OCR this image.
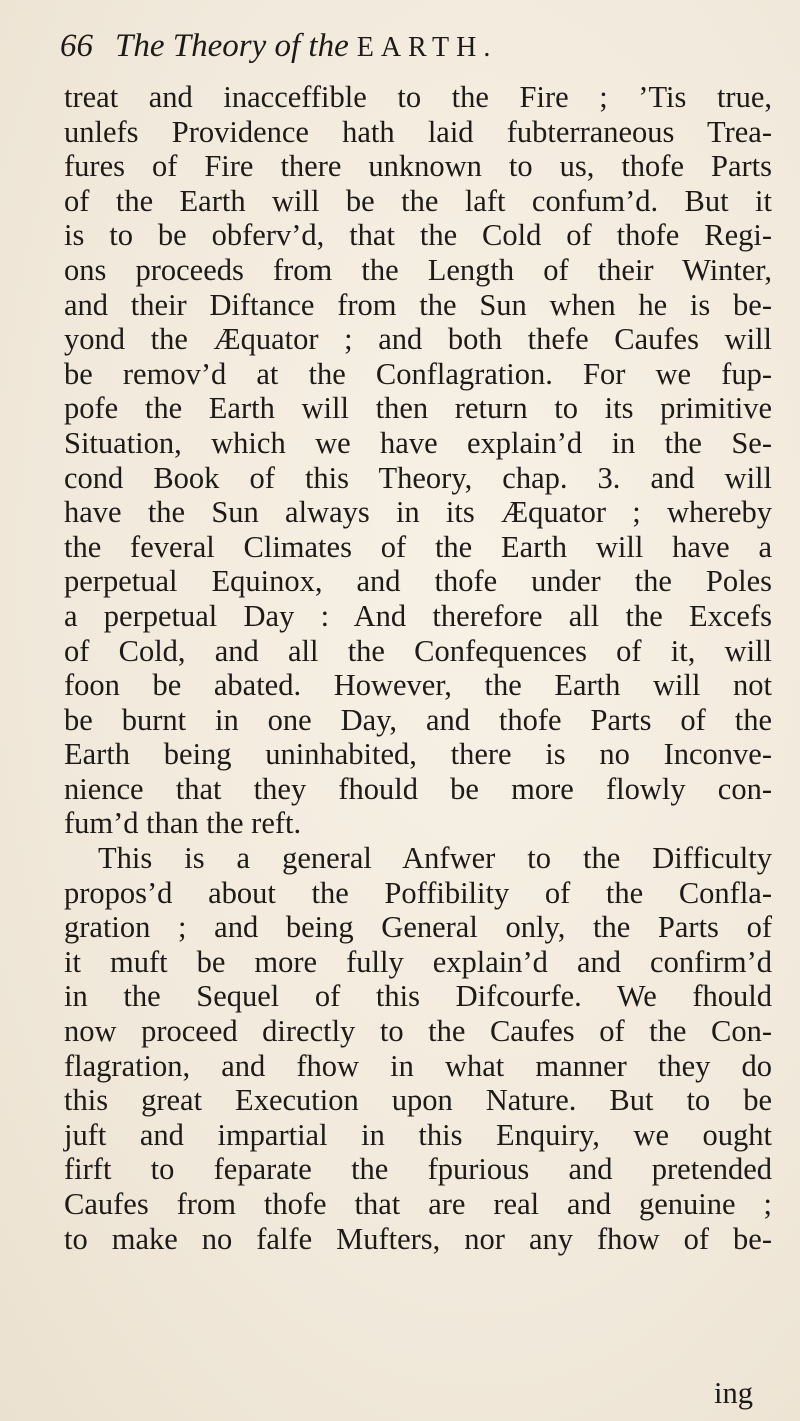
66 The Theory of the EARTH.
treat and inacceffible to the Fire ; ’Tis true,
unlefs Providence hath laid fubterraneous Trea-
fures of Fire there unknown to us, thofe Parts
of the Earth will be the laft confum’d. But it
is to be obferv’d, that the Cold of thofe Regi-
ons proceeds from the Length of their Winter,
and their Diftance from the Sun when he is be-
yond the Æquator ; and both thefe Caufes will
be remov’d at the Conflagration. For we fup-
pofe the Earth will then return to its primitive
Situation, which we have explain’d in the Se-
cond Book of this Theory, chap. 3. and will
have the Sun always in its Æquator ; whereby
the feveral Climates of the Earth will have a
perpetual Equinox, and thofe under the Poles
a perpetual Day : And therefore all the Excefs
of Cold, and all the Confequences of it, will
foon be abated. However, the Earth will not
be burnt in one Day, and thofe Parts of the
Earth being uninhabited, there is no Inconve-
nience that they fhould be more flowly con-
fum’d than the reft.
This is a general Anfwer to the Difficulty
propos’d about the Poffibility of the Confla-
gration ; and being General only, the Parts of
it muft be more fully explain’d and confirm’d
in the Sequel of this Difcourfe. We fhould
now proceed directly to the Caufes of the Con-
flagration, and fhow in what manner they do
this great Execution upon Nature. But to be
juft and impartial in this Enquiry, we ought
firft to feparate the fpurious and pretended
Caufes from thofe that are real and genuine ;
to make no falfe Mufters, nor any fhow of be-
ing
